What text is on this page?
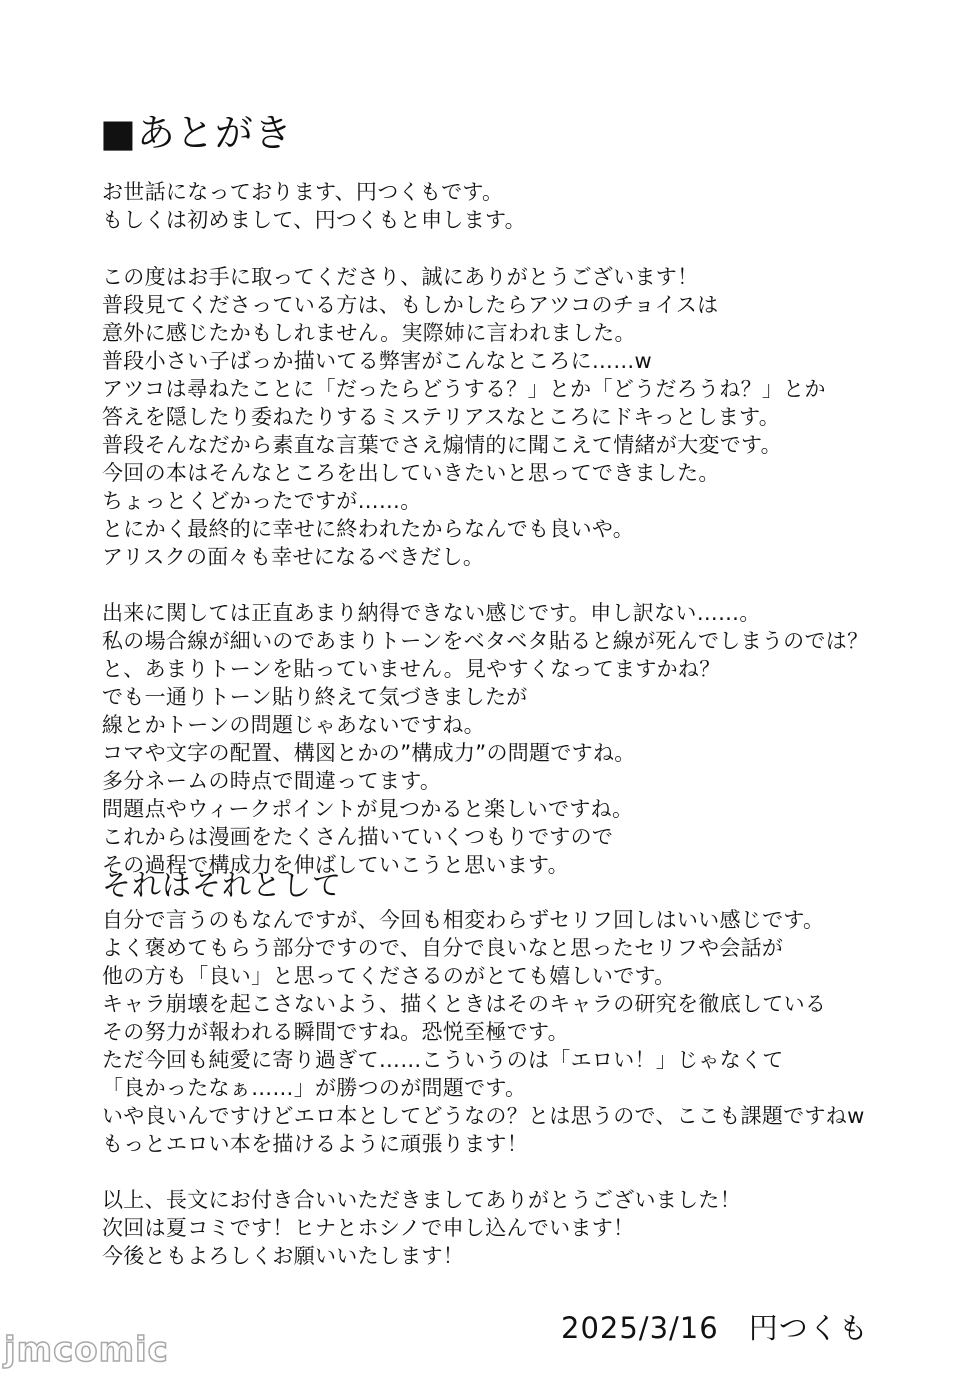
■あとがき
お世話になっております、円つくもです。
もしくは初めまして、円つくもと申します。
この度はお手に取ってくださり、誠にありがとうございます！
普段見てくださっている方は、もしかしたらアツコのチョイスは
意外に感じたかもしれません。実際姉に言われました。
普段小さい子ばっか描いてる弊害がこんなところに……w
アツコは尋ねたことに「だったらどうする？」とか「どうだろうね？」とか
答えを隠したり委ねたりするミステリアスなところにドキっとします。
普段そんなだから素直な言葉でさえ煽情的に聞こえて情緒が大変です。
今回の本はそんなところを出していきたいと思ってできました。
ちょっとくどかったですが……。
とにかく最終的に幸せに終われたからなんでも良いや。
アリスクの面々も幸せになるべきだし。
出来に関しては正直あまり納得できない感じです。申し訳ない……。
私の場合線が細いのであまりトーンをベタベタ貼ると線が死んでしまうのでは？
と、あまりトーンを貼っていません。見やすくなってますかね？
でも一通りトーン貼り終えて気づきましたが
線とかトーンの問題じゃあないですね。
コマや文字の配置、構図とかの”構成力”の問題ですね。
多分ネームの時点で間違ってます。
問題点やウィークポイントが見つかると楽しいですね。
これからは漫画をたくさん描いていくつもりですので
その過程で構成力を伸ばしていこうと思います。
それはそれとして
自分で言うのもなんですが、今回も相変わらずセリフ回しはいい感じです。
よく褒めてもらう部分ですので、自分で良いなと思ったセリフや会話が
他の方も「良い」と思ってくださるのがとても嬉しいです。
キャラ崩壊を起こさないよう、描くときはそのキャラの研究を徹底している
その努力が報われる瞬間ですね。恐悦至極です。
ただ今回も純愛に寄り過ぎて……こういうのは「エロい！」じゃなくて
「良かったなぁ……」が勝つのが問題です。
いや良いんですけどエロ本としてどうなの？とは思うので、ここも課題ですねw
もっとエロい本を描けるように頑張ります！
以上、長文にお付き合いいただきましてありがとうございました！
次回は夏コミです！ヒナとホシノで申し込んでいます！
今後ともよろしくお願いいたします！
2025/3/16　円つくも
jmcomic
